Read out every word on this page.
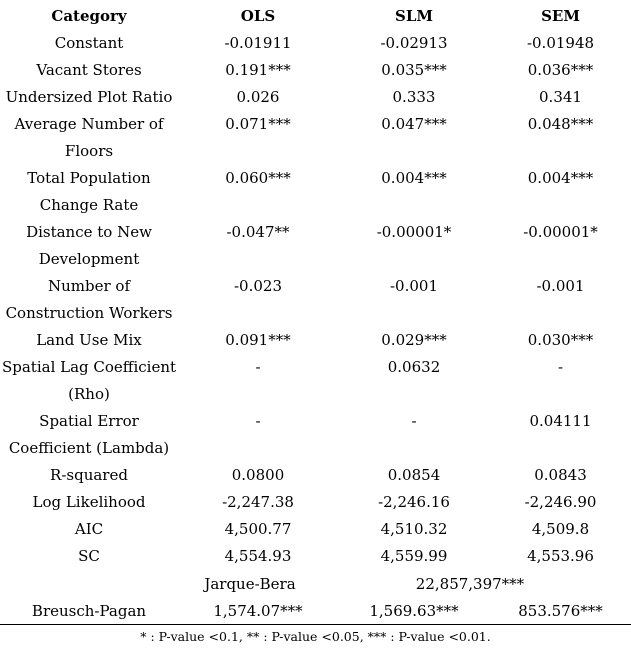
Category	OLS	SLM	SEM
Constant	-0.01911	-0.02913	-0.01948
Vacant Stores	0.191***	0.035***	0.036***
Undersized Plot Ratio	0.026	0.333	0.341
Average Number of	0.071***	0.047***	0.048***
Floors
Total Population	0.060***	0.004***	0.004***
Change Rate
Distance to New	-0.047**	-0.00001*	-0.00001*
Development
Number of	-0.023	-0.001	-0.001
Construction Workers
Land Use Mix	0.091***	0.029***	0.030***
Spatial Lag Coefficient	-	0.0632	-
(Rho)
Spatial Error	-	-	0.04111
Coefficient (Lambda)
R-squared	0.0800	0.0854	0.0843
Log Likelihood	-2,247.38	-2,246.16	-2,246.90
AIC	4,500.77	4,510.32	4,509.8
SC	4,554.93	4,559.99	4,553.96
Jarque-Bera	22,857,397***
Breusch-Pagan	1,574.07***	1,569.63***	853.576***
* : P-value <0.1, ** : P-value <0.05, *** : P-value <0.01.
